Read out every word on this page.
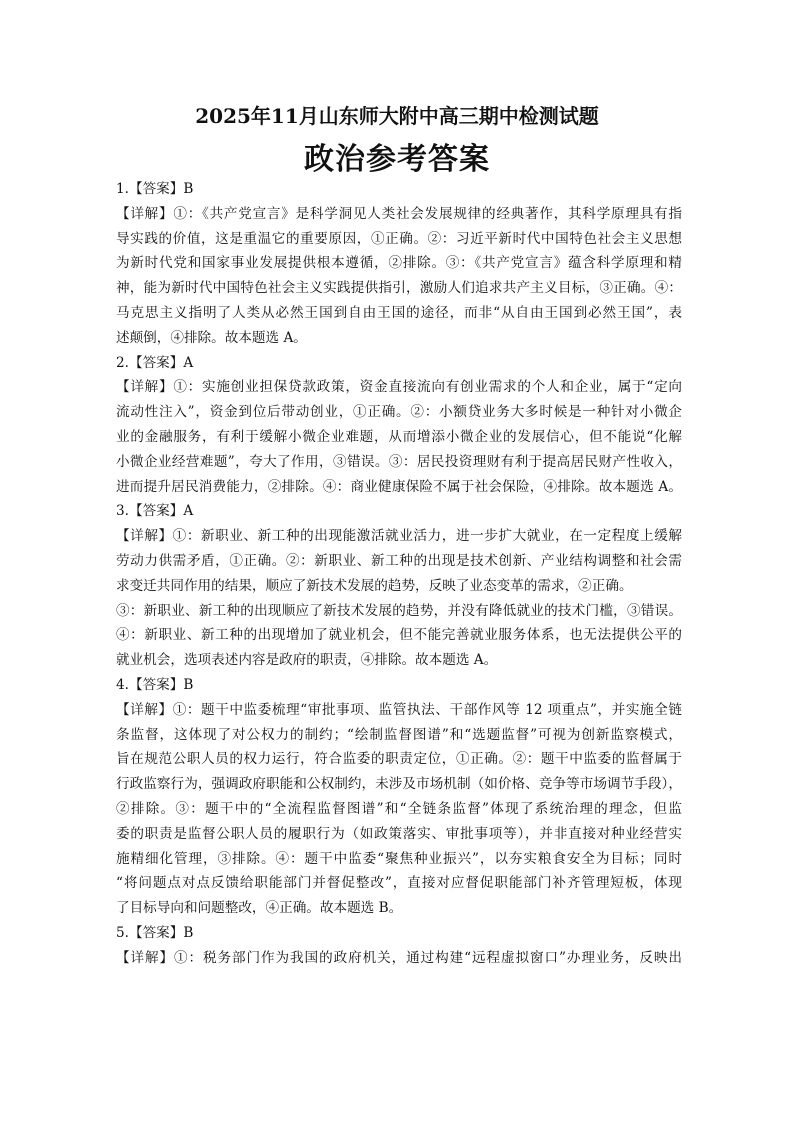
2025年11月山东师大附中高三期中检测试题
政治参考答案
1.【答案】B
【详解】①：《共产党宣言》是科学洞见人类社会发展规律的经典著作，其科学原理具有指
导实践的价值，这是重温它的重要原因，①正确。②：习近平新时代中国特色社会主义思想
为新时代党和国家事业发展提供根本遵循，②排除。③：《共产党宣言》蕴含科学原理和精
神，能为新时代中国特色社会主义实践提供指引，激励人们追求共产主义目标，③正确。④：
马克思主义指明了人类从必然王国到自由王国的途径，而非“从自由王国到必然王国”，表
述颠倒，④排除。故本题选 A。
2.【答案】A
【详解】①：实施创业担保贷款政策，资金直接流向有创业需求的个人和企业，属于“定向
流动性注入”，资金到位后带动创业，①正确。②：小额贷业务大多时候是一种针对小微企
业的金融服务，有利于缓解小微企业难题，从而增添小微企业的发展信心，但不能说“化解
小微企业经营难题”，夸大了作用，③错误。③：居民投资理财有利于提高居民财产性收入，
进而提升居民消费能力，②排除。④：商业健康保险不属于社会保险，④排除。故本题选 A。
3.【答案】A
【详解】①：新职业、新工种的出现能激活就业活力，进一步扩大就业，在一定程度上缓解
劳动力供需矛盾，①正确。②：新职业、新工种的出现是技术创新、产业结构调整和社会需
求变迁共同作用的结果，顺应了新技术发展的趋势，反映了业态变革的需求，②正确。
③：新职业、新工种的出现顺应了新技术发展的趋势，并没有降低就业的技术门槛，③错误。
④：新职业、新工种的出现增加了就业机会，但不能完善就业服务体系，也无法提供公平的
就业机会，选项表述内容是政府的职责，④排除。故本题选 A。
4.【答案】B
【详解】①：题干中监委梳理“审批事项、监管执法、干部作风等 12 项重点”，并实施全链
条监督，这体现了对公权力的制约；“绘制监督图谱”和“选题监督”可视为创新监察模式，
旨在规范公职人员的权力运行，符合监委的职责定位，①正确。②：题干中监委的监督属于
行政监察行为，强调政府职能和公权制约，未涉及市场机制（如价格、竞争等市场调节手段），
②排除。③：题干中的“全流程监督图谱”和“全链条监督”体现了系统治理的理念，但监
委的职责是监督公职人员的履职行为（如政策落实、审批事项等），并非直接对种业经营实
施精细化管理，③排除。④：题干中监委“聚焦种业振兴”，以夯实粮食安全为目标；同时
“将问题点对点反馈给职能部门并督促整改”，直接对应督促职能部门补齐管理短板，体现
了目标导向和问题整改，④正确。故本题选 B。
5.【答案】B
【详解】①：税务部门作为我国的政府机关，通过构建“远程虚拟窗口”办理业务，反映出
